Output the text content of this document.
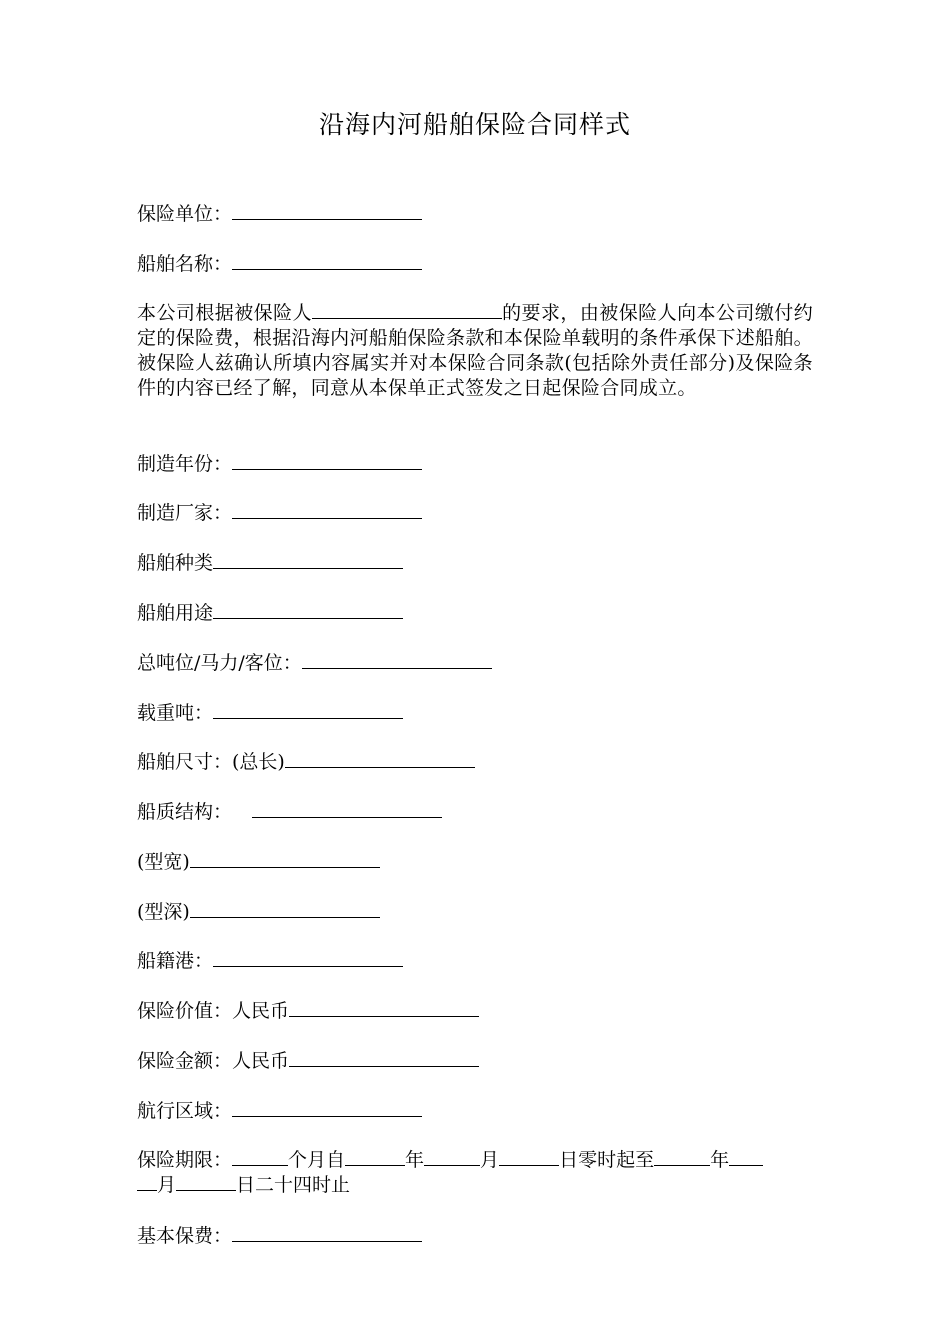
沿海内河船舶保险合同样式
保险单位：
船舶名称：
本公司根据被保险人	的要求，由被保险人向本公司缴付约定的保险费，根据沿海内河船舶保险条款和本保险单载明的条件承保下述船舶。被保险人兹确认所填内容属实并对本保险合同条款(包括除外责任部分)及保险条件的内容已经了解，同意从本保单正式签发之日起保险合同成立。
制造年份：
制造厂家：
船舶种类
船舶用途
总吨位/马力/客位：
载重吨：
船舶尺寸：(总长)
船质结构：
(型宽)
(型深)
船籍港：
保险价值：人民币
保险金额：人民币
航行区域：
保险期限：	个月自	年	月	日零时起至	年
月	日二十四时止
基本保费：
